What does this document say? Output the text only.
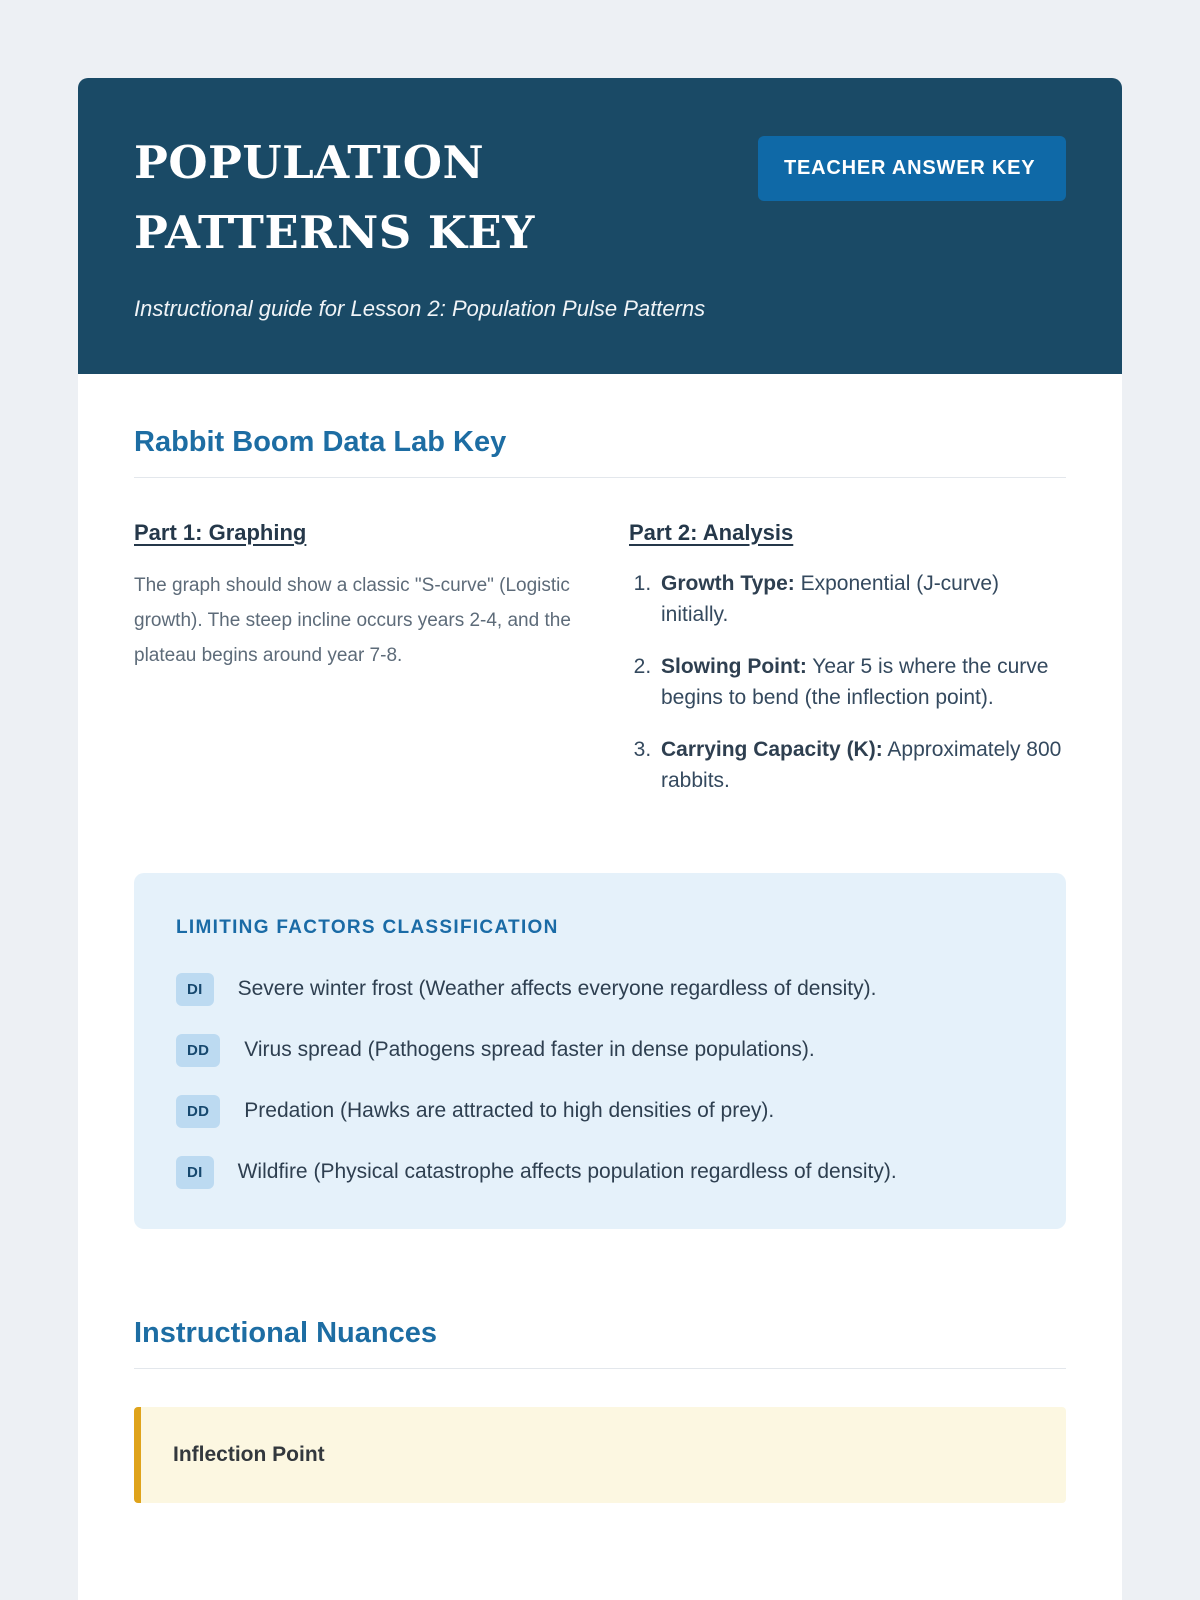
POPULATION PATTERNS KEY
TEACHER ANSWER KEY

Instructional guide for Lesson 2: Population Pulse Patterns

Rabbit Boom Data Lab Key
Part 1: Graphing

The graph should show a classic "S-curve" (Logistic growth). The steep incline occurs years 2-4, and the plateau begins around year 7-8.

Part 2: Analysis
1. Growth Type: Exponential (J-curve) initially.
2. Slowing Point: Year 5 is where the curve begins to bend (the inflection point).
3. Carrying Capacity (K): Approximately 800 rabbits.
LIMITING FACTORS CLASSIFICATION
DI	Severe winter frost (Weather affects everyone regardless of density).
DD	Virus spread (Pathogens spread faster in dense populations).
DD	Predation (Hawks are attracted to high densities of prey).
DI	Wildfire (Physical catastrophe affects population regardless of density).
Instructional Nuances
Inflection Point
